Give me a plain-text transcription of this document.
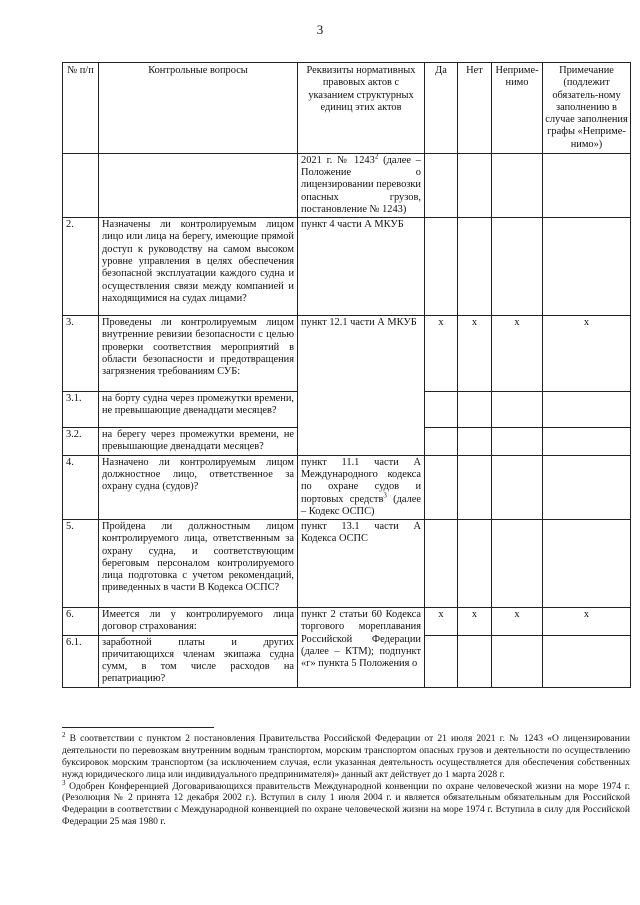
3
№ п/п	Контрольные вопросы	Реквизиты нормативных правовых актов с указанием структурных единиц этих актов	Да	Нет	Неприме-нимо	Примечание (подлежит обязатель-ному заполнению в случае заполнения графы «Неприме-нимо»)
		2021 г. № 1243$^2$ (далее – Положение о лицензировании перевозки опасных грузов, постановление № 1243)				
2.	Назначены ли контролируемым лицом лицо или лица на берегу, имеющие прямой доступ к руководству на самом высоком уровне управления в целях обеспечения безопасной эксплуатации каждого судна и осуществления связи между компанией и находящимися на судах лицами?	пункт 4 части А МКУБ				
3.	Проведены ли контролируемым лицом внутренние ревизии безопасности с целью проверки соответствия мероприятий в области безопасности и предотвращения загрязнения требованиям СУБ:	пункт 12.1 части А МКУБ	x	x	x	x
3.1.	на борту судна через промежутки времени, не превышающие двенадцати месяцев?					
3.2.	на берегу через промежутки времени, не превышающие двенадцати месяцев?					
4.	Назначено ли контролируемым лицом должностное лицо, ответственное за охрану судна (судов)?	пункт 11.1 части А Международного кодекса по охране судов и портовых средств$^3$ (далее – Кодекс ОСПС)				
5.	Пройдена ли должностным лицом контролируемого лица, ответственным за охрану судна, и соответствующим береговым персоналом контролируемого лица подготовка с учетом рекомендаций, приведенных в части В Кодекса ОСПС?	пункт 13.1 части А Кодекса ОСПС				
6.	Имеется ли у контролируемого лица договор страхования:	пункт 2 статьи 60 Кодекса торгового мореплавания Российской Федерации (далее – КТМ); подпункт «г» пункта 5 Положения о	x	x	x	x
6.1.	заработной платы и других причитающихся членам экипажа судна сумм, в том числе расходов на репатриацию?					

$^2$ В соответствии с пунктом 2 постановления Правительства Российской Федерации от 21 июля 2021 г. № 1243 «О лицензировании деятельности по перевозкам внутренним водным транспортом, морским транспортом опасных грузов и деятельности по осуществлению буксировок морским транспортом (за исключением случая, если указанная деятельность осуществляется для обеспечения собственных нужд юридического лица или индивидуального предпринимателя)» данный акт действует до 1 марта 2028 г.

$^3$ Одобрен Конференцией Договаривающихся правительств Международной конвенции по охране человеческой жизни на море 1974 г. (Резолюция № 2 принята 12 декабря 2002 г.). Вступил в силу 1 июля 2004 г. и является обязательным обязательным для Российской Федерации в соответствии с Международной конвенцией по охране человеческой жизни на море 1974 г. Вступила в силу для Российской Федерации 25 мая 1980 г.
